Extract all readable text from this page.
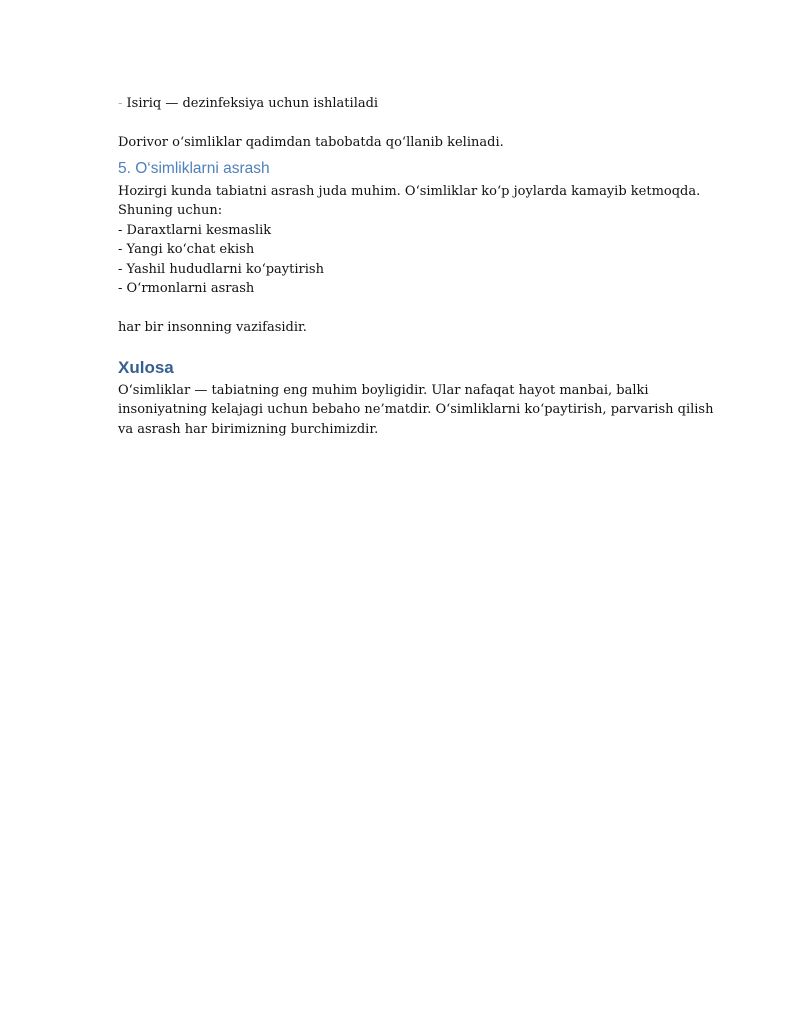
- Isiriq — dezinfeksiya uchun ishlatiladi

Dorivor o‘simliklar qadimdan tabobatda qo‘llanib kelinadi.

5. O‘simliklarni asrash

Hozirgi kunda tabiatni asrash juda muhim. O‘simliklar ko‘p joylarda kamayib ketmoqda.

Shuning uchun:

- Daraxtlarni kesmaslik

- Yangi ko‘chat ekish

- Yashil hududlarni ko‘paytirish

- O‘rmonlarni asrash

har bir insonning vazifasidir.

Xulosa

O‘simliklar — tabiatning eng muhim boyligidir. Ular nafaqat hayot manbai, balki

insoniyatning kelajagi uchun bebaho ne’matdir. O‘simliklarni ko‘paytirish, parvarish qilish

va asrash har birimizning burchimizdir.
